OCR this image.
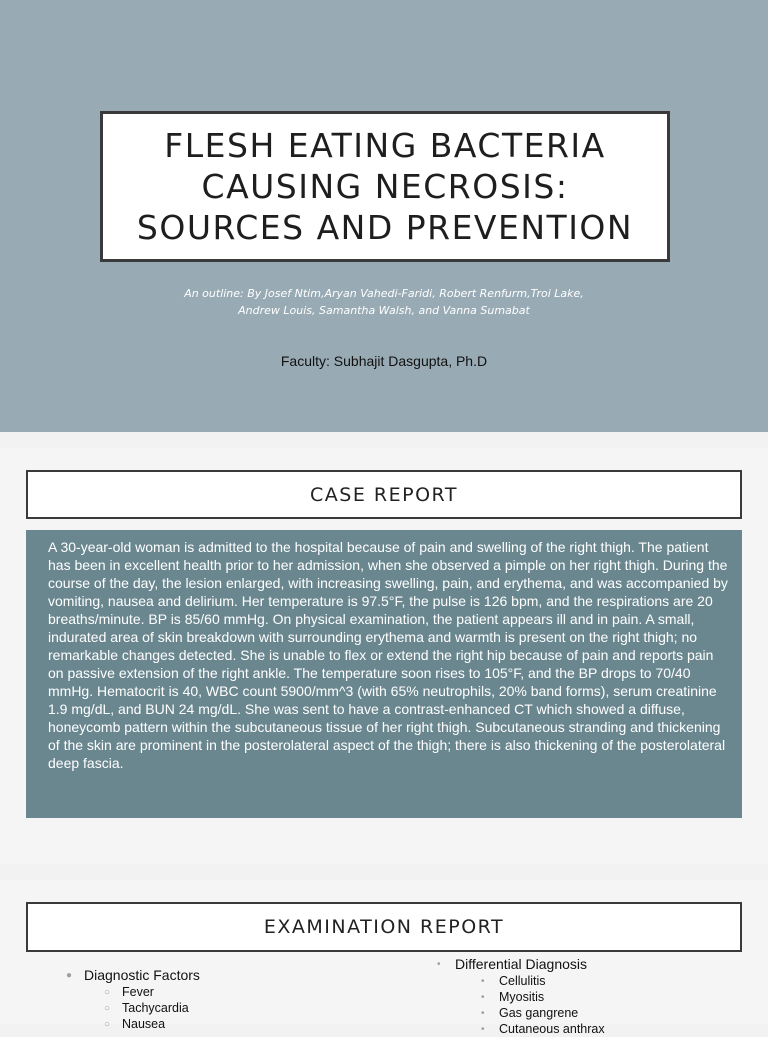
FLESH EATING BACTERIA
CAUSING NECROSIS:
SOURCES AND PREVENTION
An outline: By Josef Ntim,Aryan Vahedi-Faridi, Robert Renfurm,Troi Lake,
Andrew Louis, Samantha Walsh, and Vanna Sumabat
Faculty: Subhajit Dasgupta, Ph.D
CASE REPORT
A 30-year-old woman is admitted to the hospital because of pain and swelling of the right thigh. The patient has been in excellent health prior to her admission, when she observed a pimple on her right thigh. During the course of the day, the lesion enlarged, with increasing swelling, pain, and erythema, and was accompanied by vomiting, nausea and delirium. Her temperature is 97.5°F, the pulse is 126 bpm, and the respirations are 20 breaths/minute. BP is 85/60 mmHg. On physical examination, the patient appears ill and in pain. A small, indurated area of skin breakdown with surrounding erythema and warmth is present on the right thigh; no remarkable changes detected. She is unable to flex or extend the right hip because of pain and reports pain on passive extension of the right ankle. The temperature soon rises to 105°F, and the BP drops to 70/40 mmHg. Hematocrit is 40, WBC count 5900/mm^3 (with 65% neutrophils, 20% band forms), serum creatinine 1.9 mg/dL, and BUN 24 mg/dL. She was sent to have a contrast-enhanced CT which showed a diffuse, honeycomb pattern within the subcutaneous tissue of her right thigh. Subcutaneous stranding and thickening of the skin are prominent in the posterolateral aspect of the thigh; there is also thickening of the posterolateral deep fascia.
EXAMINATION REPORT
● Diagnostic Factors
○ Fever
○ Tachycardia
○ Nausea
•	Differential Diagnosis
•	Cellulitis
•	Myositis
•	Gas gangrene
•	Cutaneous anthrax
